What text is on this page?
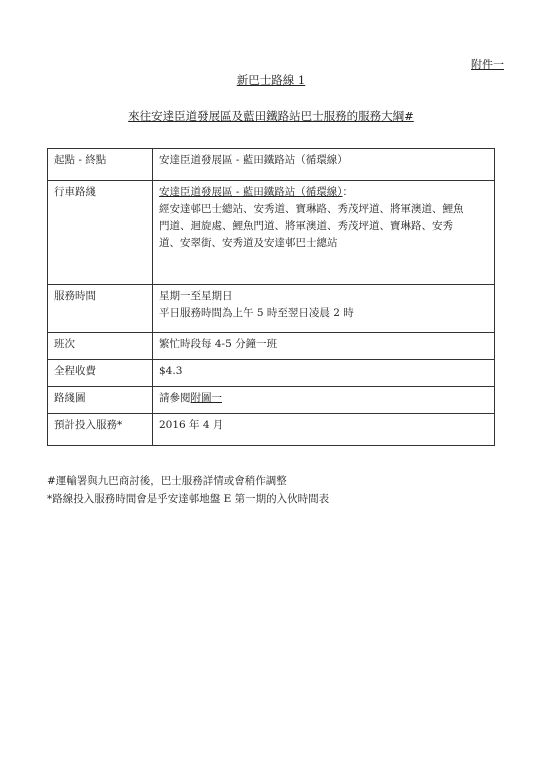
附件一
新巴士路線 1
來往安達臣道發展區及藍田鐵路站巴士服務的服務大綱#
起點 - 終點	安達臣道發展區 - 藍田鐵路站（循環線）
行車路綫	安達臣道發展區 - 藍田鐵路站（循環線）：
經安達邨巴士總站、安秀道、寶琳路、秀茂坪道、將軍澳道、鯉魚
門道、迴旋處、鯉魚門道、將軍澳道、秀茂坪道、寶琳路、安秀
道、安翠街、安秀道及安達邨巴士總站

服務時間	星期一至星期日
平日服務時間為上午 5 時至翌日凌晨 2 時

班次	繁忙時段每 4-5 分鐘一班
全程收費	$4.3
路綫圖	請參閱附圖一
預計投入服務*	2016 年 4 月
#運輸署與九巴商討後，巴士服務詳情或會稍作調整
*路線投入服務時間會是乎安達邨地盤 E 第一期的入伙時間表
